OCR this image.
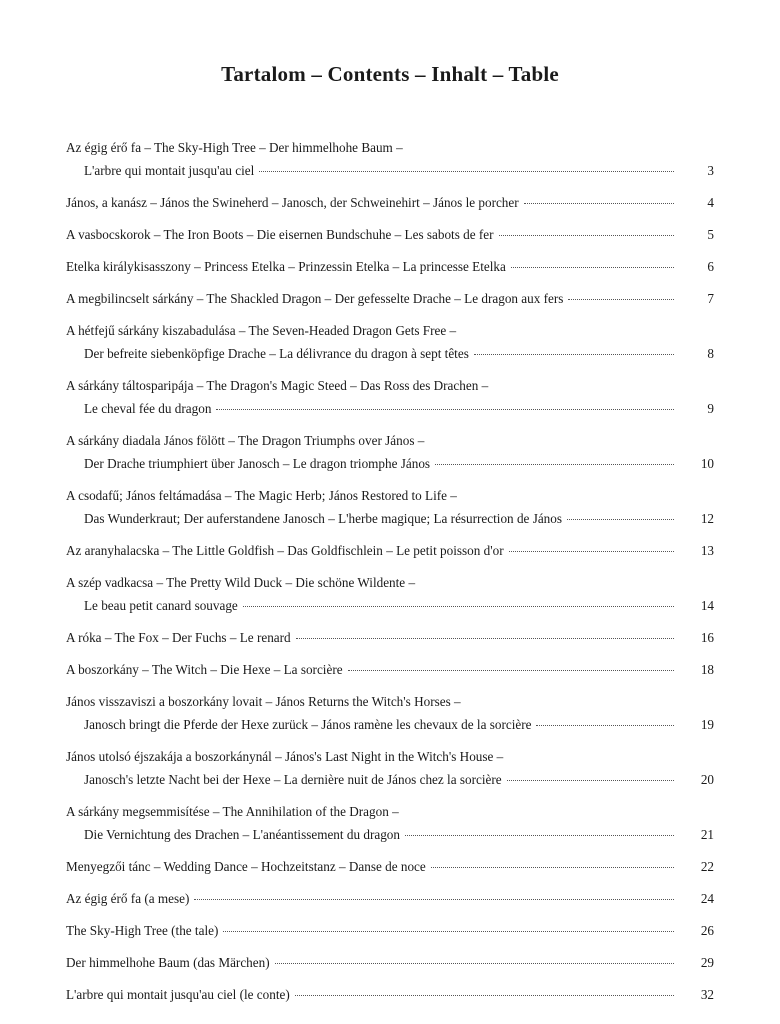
Tartalom – Contents – Inhalt – Table
Az égig érő fa – The Sky-High Tree – Der himmelhohe Baum –
L'arbre qui montait jusqu'au ciel	3
János, a kanász – János the Swineherd – Janosch, der Schweinehirt – János le porcher	4
A vasbocskorok – The Iron Boots – Die eisernen Bundschuhe – Les sabots de fer	5
Etelka királykisasszony – Princess Etelka – Prinzessin Etelka – La princesse Etelka	6
A megbilincselt sárkány – The Shackled Dragon – Der gefesselte Drache – Le dragon aux fers	7
A hétfejű sárkány kiszabadulása – The Seven-Headed Dragon Gets Free –
Der befreite siebenköpfige Drache – La délivrance du dragon à sept têtes	8
A sárkány táltosparipája – The Dragon's Magic Steed – Das Ross des Drachen –
Le cheval fée du dragon	9
A sárkány diadala János fölött – The Dragon Triumphs over János –
Der Drache triumphiert über Janosch – Le dragon triomphe János	10
A csodafű; János feltámadása – The Magic Herb; János Restored to Life –
Das Wunderkraut; Der auferstandene Janosch – L'herbe magique; La résurrection de János	12
Az aranyhalacska – The Little Goldfish – Das Goldfischlein – Le petit poisson d'or	13
A szép vadkacsa – The Pretty Wild Duck – Die schöne Wildente –
Le beau petit canard souvage	14
A róka – The Fox – Der Fuchs – Le renard	16
A boszorkány – The Witch – Die Hexe – La sorcière	18
János visszaviszi a boszorkány lovait – János Returns the Witch's Horses –
Janosch bringt die Pferde der Hexe zurück – János ramène les chevaux de la sorcière	19
János utolsó éjszakája a boszorkánynál – János's Last Night in the Witch's House –
Janosch's letzte Nacht bei der Hexe – La dernière nuit de János chez la sorcière	20
A sárkány megsemmisítése – The Annihilation of the Dragon –
Die Vernichtung des Drachen – L'anéantissement du dragon	21
Menyegzői tánc – Wedding Dance – Hochzeitstanz – Danse de noce	22
Az égig érő fa (a mese)	24
The Sky-High Tree (the tale)	26
Der himmelhohe Baum (das Märchen)	29
L'arbre qui montait jusqu'au ciel (le conte)	32
